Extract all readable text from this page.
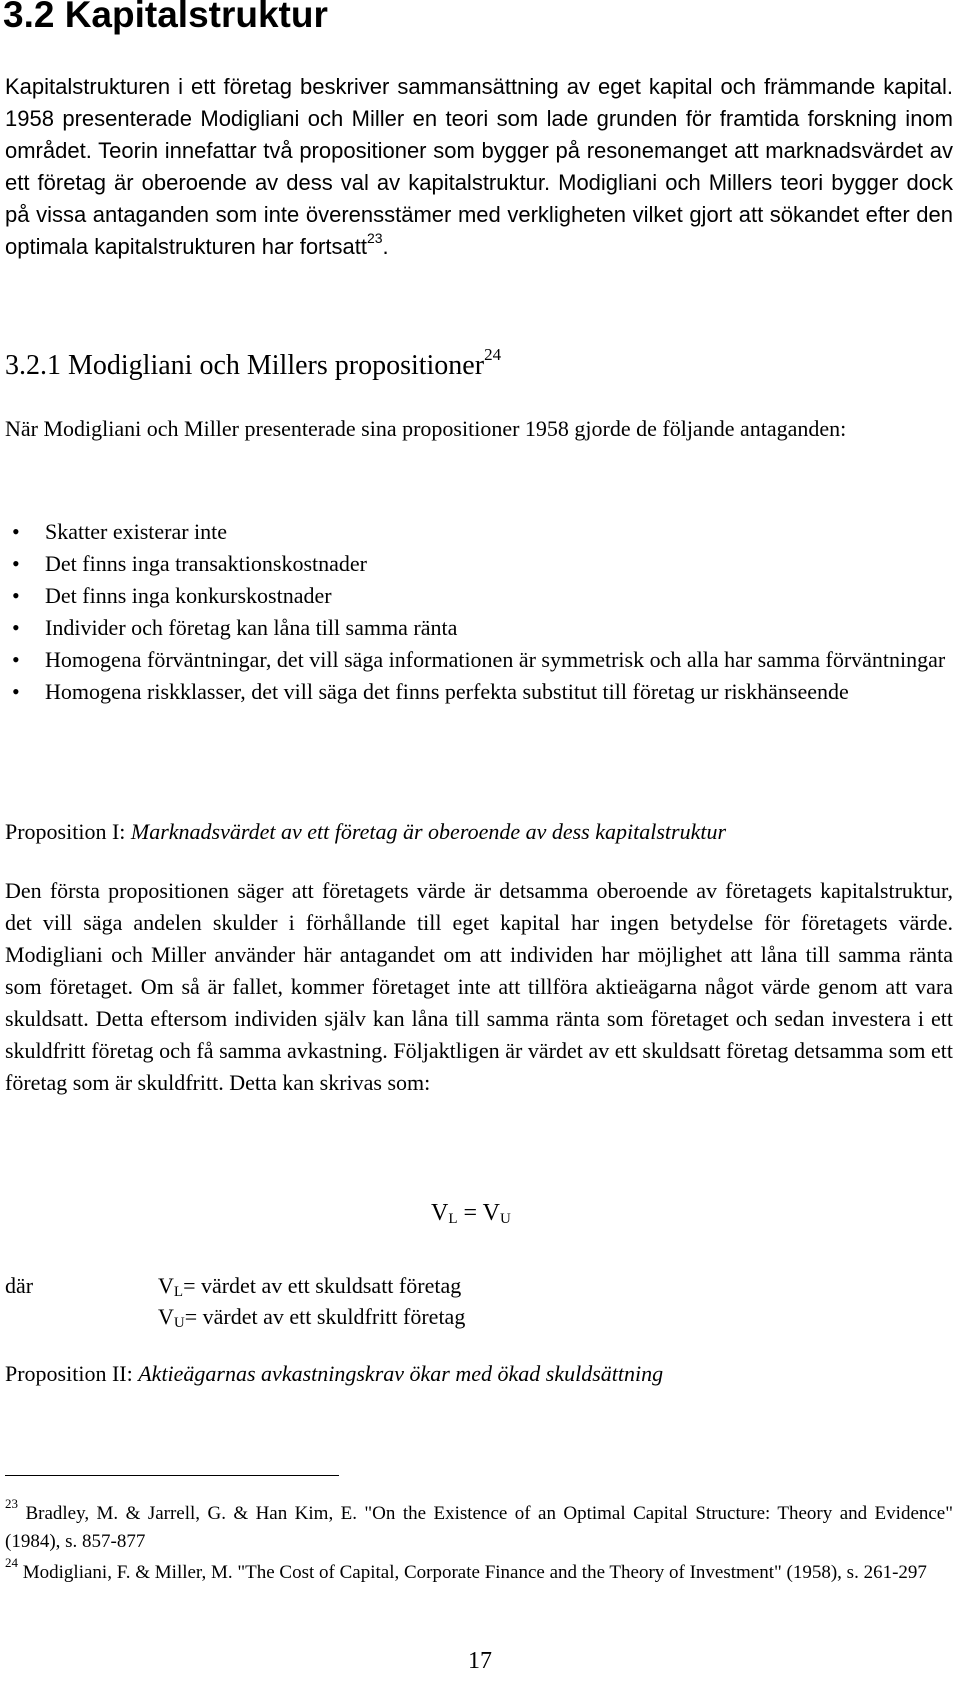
3.2 Kapitalstruktur

Kapitalstrukturen i ett företag beskriver sammansättning av eget kapital och främmande kapital. 1958 presenterade Modigliani och Miller en teori som lade grunden för framtida forskning inom området. Teorin innefattar två propositioner som bygger på resonemanget att marknadsvärdet av ett företag är oberoende av dess val av kapitalstruktur. Modigliani och Millers teori bygger dock på vissa antaganden som inte överensstämer med verkligheten vilket gjort att sökandet efter den optimala kapitalstrukturen har fortsatt$^{23}$.

3.2.1 Modigliani och Millers propositioner$^{24}$

När Modigliani och Miller presenterade sina propositioner 1958 gjorde de följande antaganden:

• Skatter existerar inte
• Det finns inga transaktionskostnader
• Det finns inga konkurskostnader
• Individer och företag kan låna till samma ränta
• Homogena förväntningar, det vill säga informationen är symmetrisk och alla har samma förväntningar
• Homogena riskklasser, det vill säga det finns perfekta substitut till företag ur riskhänseende

Proposition I: Marknadsvärdet av ett företag är oberoende av dess kapitalstruktur

Den första propositionen säger att företagets värde är detsamma oberoende av företagets kapitalstruktur, det vill säga andelen skulder i förhållande till eget kapital har ingen betydelse för företagets värde. Modigliani och Miller använder här antagandet om att individen har möjlighet att låna till samma ränta som företaget. Om så är fallet, kommer företaget inte att tillföra aktieägarna något värde genom att vara skuldsatt. Detta eftersom individen själv kan låna till samma ränta som företaget och sedan investera i ett skuldfritt företag och få samma avkastning. Följaktligen är värdet av ett skuldsatt företag detsamma som ett företag som är skuldfritt. Detta kan skrivas som:

$V_L = V_U$
där	$V_L=$ värdet av ett skuldsatt företag
$V_U=$ värdet av ett skuldfritt företag

Proposition II: Aktieägarnas avkastningskrav ökar med ökad skuldsättning

$^{23}$ Bradley, M. & Jarrell, G. & Han Kim, E. "On the Existence of an Optimal Capital Structure: Theory and Evidence" (1984), s. 857-877

$^{24}$ Modigliani, F. & Miller, M. "The Cost of Capital, Corporate Finance and the Theory of Investment" (1958), s. 261-297

17
